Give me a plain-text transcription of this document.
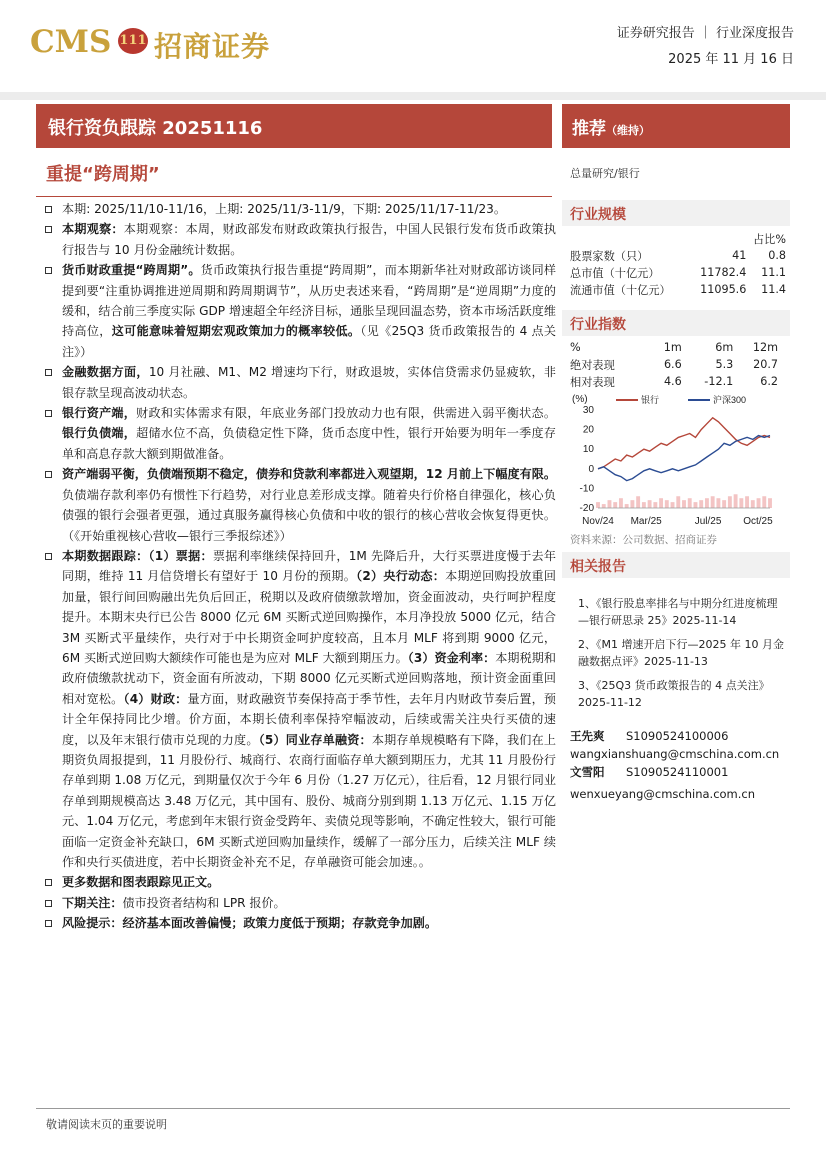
CMS 111 招商证券	证券研究报告 ｜ 行业深度报告
2025 年 11 月 16 日
银行资负跟踪 20251116	推荐（维持）
重提“跨周期”

本期: 2025/11/10-11/16，上期: 2025/11/3-11/9，下期: 2025/11/17-11/23。

本期观察：本期观察：本周，财政部发布财政政策执行报告，中国人民银行发布货币政策执行报告与 10 月份金融统计数据。

货币财政重提“跨周期”。货币政策执行报告重提“跨周期”，而本期新华社对财政部访谈同样提到要“注重协调推进逆周期和跨周期调节”，从历史表述来看，“跨周期”是“逆周期”力度的缓和，结合前三季度实际 GDP 增速超全年经济目标，通胀呈现回温态势，资本市场活跃度维持高位，这可能意味着短期宏观政策加力的概率较低。（见《25Q3 货币政策报告的 4 点关注》）

金融数据方面，10 月社融、M1、M2 增速均下行，财政退坡，实体信贷需求仍显疲软，非银存款呈现高波动状态。

银行资产端，财政和实体需求有限，年底业务部门投放动力也有限，供需进入弱平衡状态。银行负债端，超储水位不高，负债稳定性下降，货币态度中性，银行开始要为明年一季度存单和高息存款大额到期做准备。

资产端弱平衡，负债端预期不稳定，债券和贷款利率都进入观望期，12 月前上下幅度有限。负债端存款利率仍有惯性下行趋势，对行业息差形成支撑。随着央行价格自律强化，核心负债强的银行会强者更强，通过真服务赢得核心负债和中收的银行的核心营收会恢复得更快。（《开始重视核心营收—银行三季报综述》）

本期数据跟踪：（1）票据：票据利率继续保持回升，1M 先降后升，大行买票进度慢于去年同期，维持 11 月信贷增长有望好于 10 月份的预期。（2）央行动态：本期逆回购投放重回加量，银行间回购融出先负后回正，税期以及政府债缴款增加，资金面波动，央行呵护程度提升。本期末央行已公告 8000 亿元 6M 买断式逆回购操作，本月净投放 5000 亿元，结合 3M 买断式平量续作，央行对于中长期资金呵护度较高，且本月 MLF 将到期 9000 亿元，6M 买断式逆回购大额续作可能也是为应对 MLF 大额到期压力。（3）资金利率：本期税期和政府债缴款扰动下，资金面有所波动，下期 8000 亿元买断式逆回购落地，预计资金面重回相对宽松。（4）财政：量方面，财政融资节奏保持高于季节性，去年月内财政节奏后置，预计全年保持同比少增。价方面，本期长债利率保持窄幅波动，后续或需关注央行买债的速度，以及年末银行债市兑现的力度。（5）同业存单融资：本期存单规模略有下降，我们在上期资负周报提到，11 月股份行、城商行、农商行面临存单大额到期压力，尤其 11 月股份行存单到期 1.08 万亿元，到期量仅次于今年 6 月份（1.27 万亿元），往后看，12 月银行同业存单到期规模高达 3.48 万亿元，其中国有、股份、城商分别到期 1.13 万亿元、1.15 万亿元、1.04 万亿元，考虑到年末银行资金受跨年、卖债兑现等影响，不确定性较大，银行可能面临一定资金补充缺口，6M 买断式逆回购加量续作，缓解了一部分压力，后续关注 MLF 续作和央行买债进度，若中长期资金补充不足，存单融资可能会加速。。

更多数据和图表跟踪见正文。

下期关注：债市投资者结构和 LPR 报价。

风险提示：经济基本面改善偏慢；政策力度低于预期；存款竞争加剧。

总量研究/银行
行业规模
		占比%
股票家数（只）	41	0.8
总市值（十亿元）	11782.4	11.1
流通市值（十亿元）	11095.6	11.4
行业指数
%	1m	6m	12m
绝对表现	6.6	5.3	20.7
相对表现	4.6	-12.1	6.2
30
20
10
0
-10
-20
(%)
Nov/24 Mar/25	Jul/25 Oct/25
银行	沪深300
资料来源：公司数据、招商证券
相关报告

1、《银行股息率排名与中期分红进度梳理—银行研思录 25》2025-11-14

2、《M1 增速开启下行—2025 年 10 月金融数据点评》2025-11-13

3、《25Q3 货币政策报告的 4 点关注》2025-11-12

王先爽 S1090524100006
wangxianshuang@cmschina.com.cn
文雪阳 S1090524110001
wenxueyang@cmschina.com.cn
敬请阅读末页的重要说明
